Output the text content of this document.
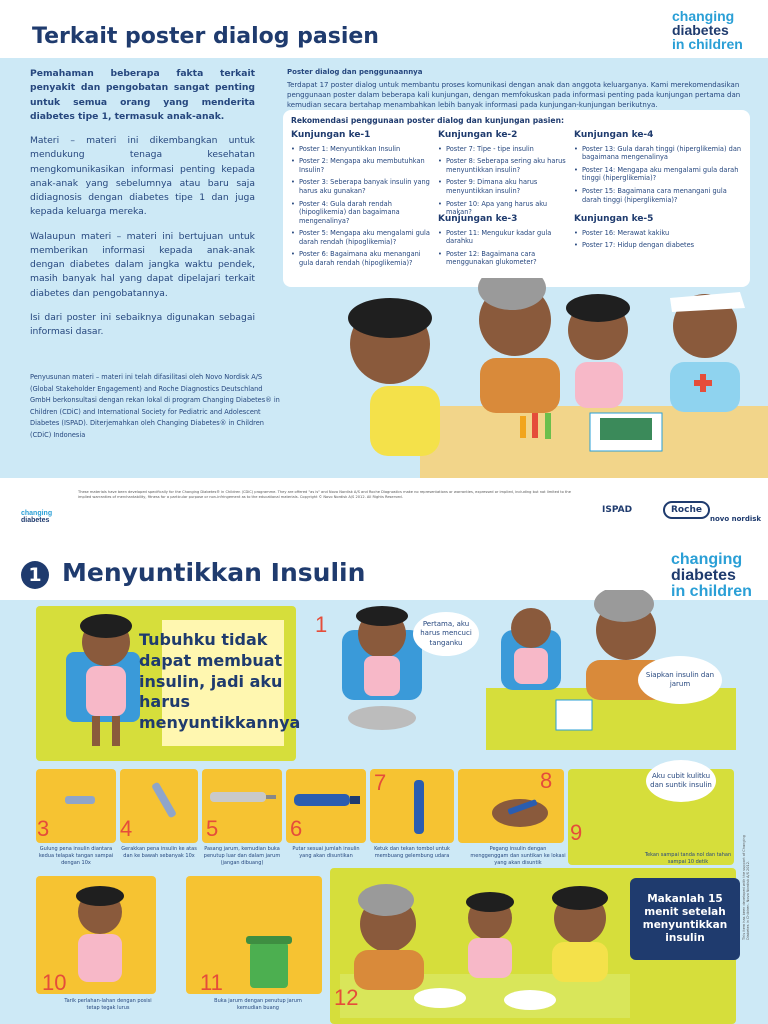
Terkait poster dialog pasien
changing
diabetes
in children

Pemahaman beberapa fakta terkait penyakit dan pengobatan sangat penting untuk semua orang yang menderita diabetes tipe 1, termasuk anak-anak.

Materi – materi ini dikembangkan untuk mendukung tenaga kesehatan mengkomunikasikan informasi penting kepada anak-anak yang sebelumnya atau baru saja didiagnosis dengan diabetes tipe 1 dan juga kepada keluarga mereka.

Walaupun materi – materi ini bertujuan untuk memberikan informasi kepada anak-anak dengan diabetes dalam jangka waktu pendek, masih banyak hal yang dapat dipelajari terkait diabetes dan pengobatannya.

Isi dari poster ini sebaiknya digunakan sebagai informasi dasar.

Penyusunan materi – materi ini telah difasilitasi oleh Novo Nordisk A/S (Global Stakeholder Engagement) and Roche Diagnostics Deutschland GmbH berkonsultasi dengan rekan lokal di program Changing Diabetes® in Children (CDiC) and International Society for Pediatric and Adolescent Diabetes (ISPAD). Diterjemahkan oleh Changing Diabetes® in Children (CDiC) Indonesia
Poster dialog dan penggunaannya
Terdapat 17 poster dialog untuk membantu proses komunikasi dengan anak dan anggota keluarganya. Kami merekomendasikan penggunaan poster dalam beberapa kali kunjungan, dengan memfokuskan pada informasi penting pada kunjungan pertama dan kemudian secara bertahap menambahkan lebih banyak informasi pada kunjungan-kunjungan berikutnya.
Rekomendasi penggunaan poster dialog dan kunjungan pasien:
Kunjungan ke-1
• Poster 1: Menyuntikkan Insulin
• Poster 2: Mengapa aku membutuhkan Insulin?
• Poster 3: Seberapa banyak insulin yang harus aku gunakan?
• Poster 4: Gula darah rendah (hipoglikemia) dan bagaimana mengenalinya?
• Poster 5: Mengapa aku mengalami gula darah rendah (hipoglikemia)?
• Poster 6: Bagaimana aku menangani gula darah rendah (hipoglikemia)?
Kunjungan ke-2
• Poster 7: Tipe - tipe insulin
• Poster 8: Seberapa sering aku harus menyuntikkan insulin?
• Poster 9: Dimana aku harus menyuntikkan insulin?
• Poster 10: Apa yang harus aku makan?
Kunjungan ke-3
• Poster 11: Mengukur kadar gula darahku
• Poster 12: Bagaimana cara menggunakan glukometer?
Kunjungan ke-4
• Poster 13: Gula darah tinggi (hiperglikemia) dan bagaimana mengenalinya
• Poster 14: Mengapa aku mengalami gula darah tinggi (hiperglikemia)?
• Poster 15: Bagaimana cara menangani gula darah tinggi (hiperglikemia)?
Kunjungan ke-5
• Poster 16: Merawat kakiku
• Poster 17: Hidup dengan diabetes
changing
diabetes
These materials have been developed specifically for the Changing Diabetes® in Children (CDiC) programme. They are offered "as is" and Novo Nordisk A/S and Roche Diagnostics make no representations or warranties, expressed or implied, including but not limited to the implied warranties of merchantability, fitness for a particular purpose or non-infringement as to the educational materials. Copyright © Novo Nordisk A/S 2012. All Rights Reserved.
ISPAD	Roche
novo nordisk
1 Menyuntikkan Insulin	changing
diabetes
in children
Tubuhku tidak dapat membuat insulin, jadi aku harus menyuntikkannya
1	Pertama, aku harus mencuci tanganku
Siapkan insulin dan jarum
3	4	5	6
7	8
9
Gulung pena insulin diantara kedua telapak tangan sampai dengan 10x
Gerakkan pena insulin ke atas dan ke bawah sebanyak 10x
Pasang jarum, kemudian buka penutup luar dan dalam jarum (jangan dibuang)
Putar sesuai jumlah insulin yang akan disuntikan
Ketuk dan tekan tombol untuk membuang gelembung udara
Pegang insulin dengan menggenggam dan suntikan ke lokasi yang akan disuntik
Aku cubit kulitku dan suntik insulin
Tekan sampai tanda nol dan tahan sampai 10 detik
10	11
12
Tarik perlahan-lahan dengan posisi tetap tegak lurus
Buka jarum dengan penutup jarum kemudian buang
Makanlah 15 menit setelah menyuntikkan insulin	This item has been developed with the support of Changing Diabetes in Children. Novo Nordisk A/S 2012.
